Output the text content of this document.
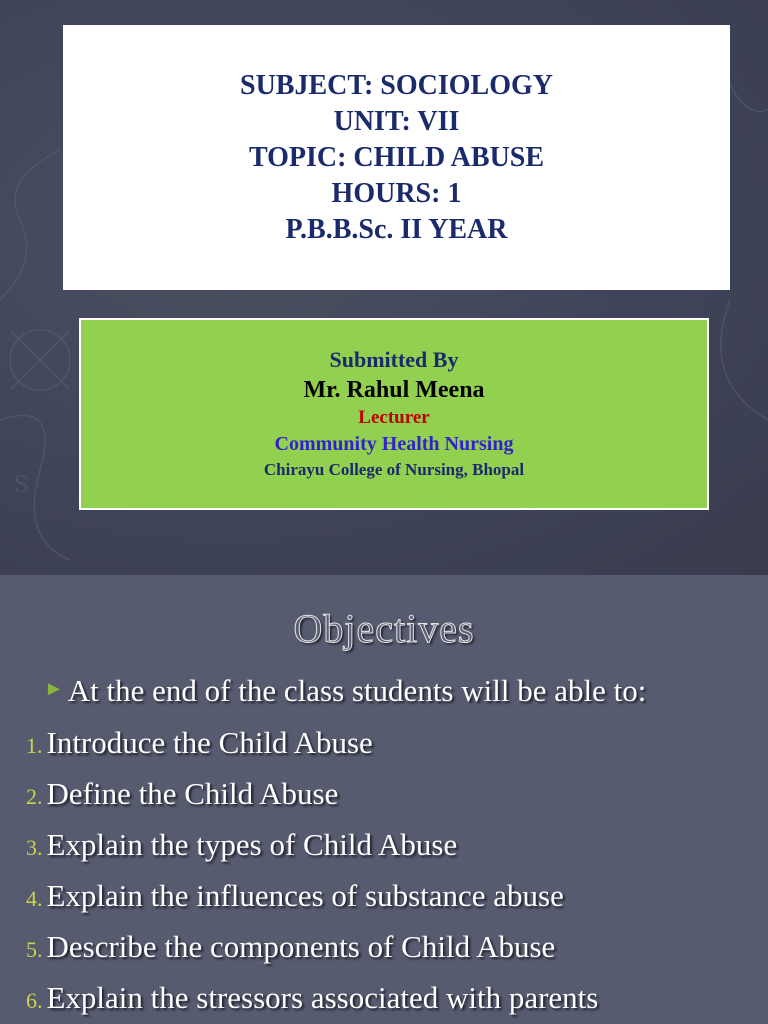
S
SUBJECT: SOCIOLOGY
UNIT: VII
TOPIC: CHILD ABUSE
HOURS: 1
P.B.B.Sc. II YEAR
Submitted By
Mr. Rahul Meena
Lecturer
Community Health Nursing
Chirayu College of Nursing, Bhopal
Objectives
► At the end of the class students will be able to:
1. Introduce the Child Abuse
2. Define the Child Abuse
3. Explain the types of Child Abuse
4. Explain the influences of substance abuse
5. Describe the components of Child Abuse
6. Explain the stressors associated with parents
